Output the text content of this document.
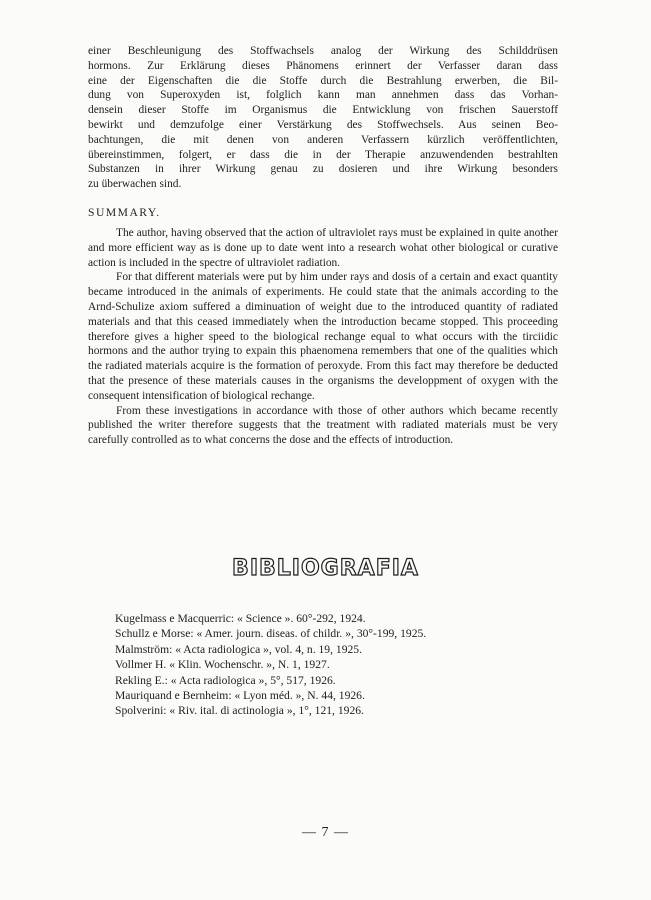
einer Beschleunigung des Stoffwachsels analog der Wirkung des Schilddrüsen

hormons. Zur Erklärung dieses Phänomens erinnert der Verfasser daran dass

eine der Eigenschaften die die Stoffe durch die Bestrahlung erwerben, die Bil-

dung von Superoxyden ist, folglich kann man annehmen dass das Vorhan-

densein dieser Stoffe im Organismus die Entwicklung von frischen Sauerstoff

bewirkt und demzufolge einer Verstärkung des Stoffwechsels. Aus seinen Beo-

bachtungen, die mit denen von anderen Verfassern kürzlich veröffentlichten,

übereinstimmen, folgert, er dass die in der Therapie anzuwendenden bestrahlten

Substanzen in ihrer Wirkung genau zu dosieren und ihre Wirkung besonders

zu überwachen sind.

SUMMARY.

The author, having observed that the action of ultraviolet rays must be explained in quite another and more efficient way as is done up to date went into a research wohat other biological or curative action is included in the spectre of ultraviolet radiation.

For that different materials were put by him under rays and dosis of a certain and exact quantity became introduced in the animals of experiments. He could state that the animals according to the Arnd-Schulize axiom suffered a diminuation of weight due to the introduced quantity of radiated materials and that this ceased immediately when the introduction became stopped. This proceeding therefore gives a higher speed to the biological rechange equal to what occurs with the tirciidic hormons and the author trying to expain this phaenomena remembers that one of the qualities which the radiated materials acquire is the formation of peroxyde. From this fact may therefore be deducted that the presence of these materials causes in the organisms the developpment of oxygen with the consequent intensification of biological rechange.

From these investigations in accordance with those of other authors which became recently published the writer therefore suggests that the treatment with radiated materials must be very carefully controlled as to what concerns the dose and the effects of introduction.

BIBLIOGRAFIA
Kugelmass e Macquerric: « Science ». 60°-292, 1924.
Schullz e Morse: « Amer. journ. diseas. of childr. », 30°-199, 1925.
Malmström: « Acta radiologica », vol. 4, n. 19, 1925.
Vollmer H. « Klin. Wochenschr. », N. 1, 1927.
Rekling E.: « Acta radiologica », 5°, 517, 1926.
Mauriquand e Bernheim: « Lyon méd. », N. 44, 1926.
Spolverini: « Riv. ital. di actinologia », 1°, 121, 1926.

— 7 —
